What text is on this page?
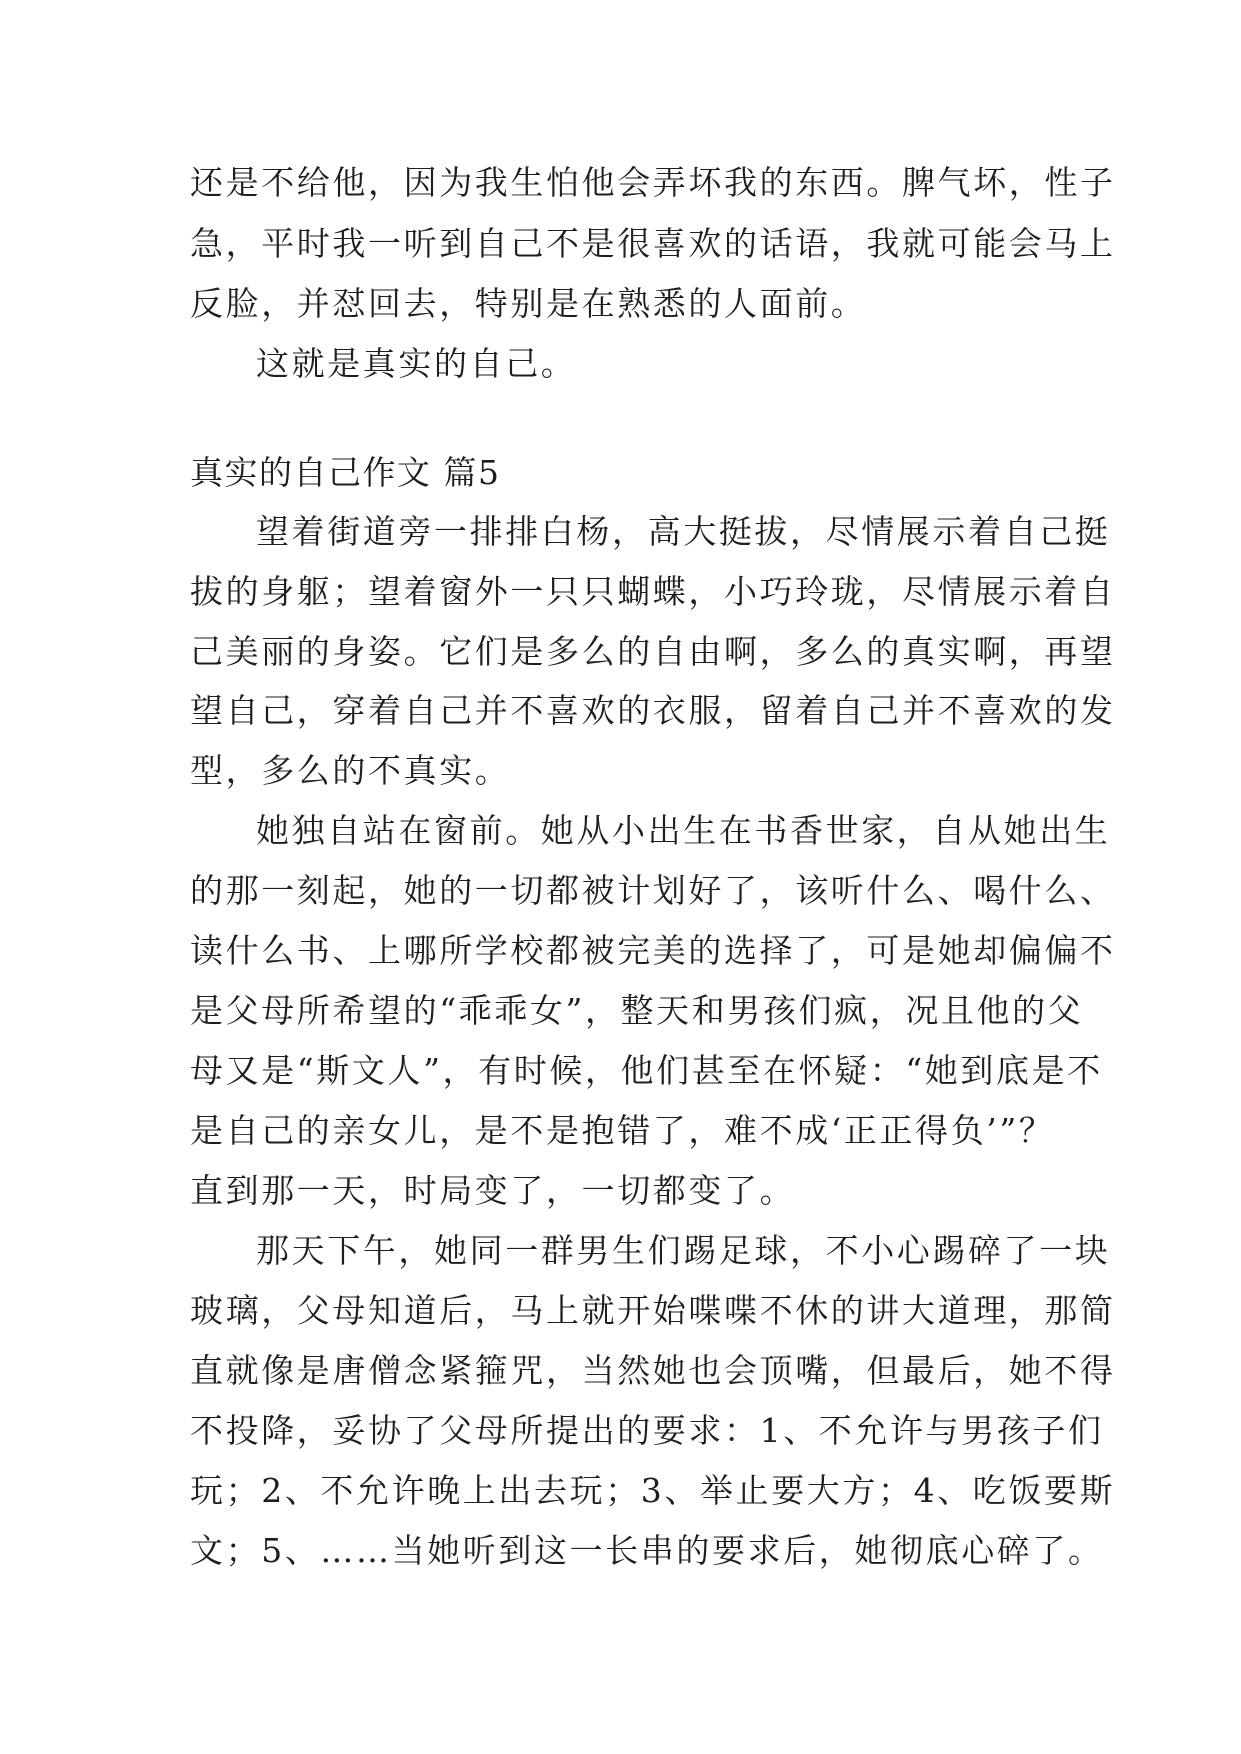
还是不给他，因为我生怕他会弄坏我的东西。脾气坏，性子
急，平时我一听到自己不是很喜欢的话语，我就可能会马上
反脸，并怼回去，特别是在熟悉的人面前。
这就是真实的自己。
真实的自己作文 篇5
望着街道旁一排排白杨，高大挺拔，尽情展示着自己挺
拔的身躯；望着窗外一只只蝴蝶，小巧玲珑，尽情展示着自
己美丽的身姿。它们是多么的自由啊，多么的真实啊，再望
望自己，穿着自己并不喜欢的衣服，留着自己并不喜欢的发
型，多么的不真实。
她独自站在窗前。她从小出生在书香世家，自从她出生
的那一刻起，她的一切都被计划好了，该听什么、喝什么、
读什么书、上哪所学校都被完美的选择了，可是她却偏偏不
是父母所希望的“乖乖女”，整天和男孩们疯，况且他的父
母又是“斯文人”，有时候，他们甚至在怀疑：“她到底是不
是自己的亲女儿，是不是抱错了，难不成‘正正得负’”？
直到那一天，时局变了，一切都变了。
那天下午，她同一群男生们踢足球，不小心踢碎了一块
玻璃，父母知道后，马上就开始喋喋不休的讲大道理，那简
直就像是唐僧念紧箍咒，当然她也会顶嘴，但最后，她不得
不投降，妥协了父母所提出的要求：1、不允许与男孩子们
玩；2、不允许晚上出去玩；3、举止要大方；4、吃饭要斯
文；5、……当她听到这一长串的要求后，她彻底心碎了。
